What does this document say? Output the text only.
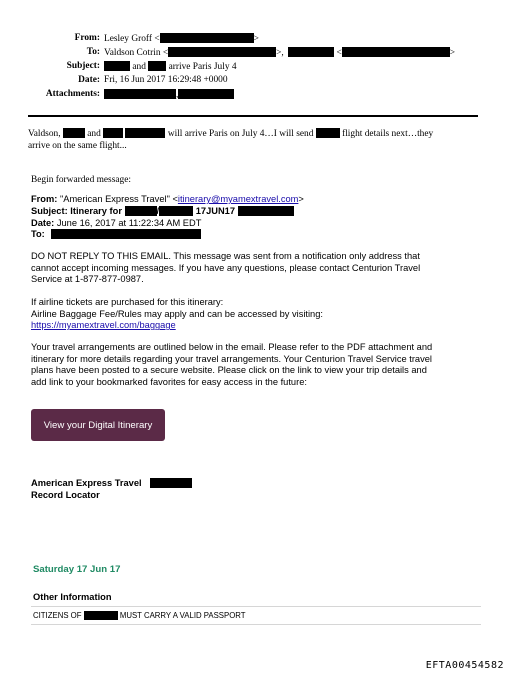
From: Lesley Groff <	>
To: Valdson Cotrin <	>,	<	>
Subject:	and arrive Paris July 4
Date: Fri, 16 Jun 2017 16:29:48 +0000
Attachments:	,
Valdson,	and	will arrive Paris on July 4…I will send	flight details next…they
arrive on the same flight...
Begin forwarded message:
From: "American Express Travel" <itinerary@myamextravel.com>
Subject: Itinerary for	/	17JUN17
Date: June 16, 2017 at 11:22:34 AM EDT
To:
DO NOT REPLY TO THIS EMAIL. This message was sent from a notification only address that
cannot accept incoming messages. If you have any questions, please contact Centurion Travel
Service at 1-877-877-0987.
If airline tickets are purchased for this itinerary:
Airline Baggage Fee/Rules may apply and can be accessed by visiting:
https://myamextravel.com/baggage
Your travel arrangements are outlined below in the email. Please refer to the PDF attachment and
itinerary for more details regarding your travel arrangements. Your Centurion Travel Service travel
plans have been posted to a secure website. Please click on the link to view your trip details and
add link to your bookmarked favorites for easy access in the future:
View your Digital Itinerary
American Express Travel
Record Locator
Saturday 17 Jun 17
Other Information
CITIZENS OF	MUST CARRY A VALID PASSPORT
EFTA00454582
